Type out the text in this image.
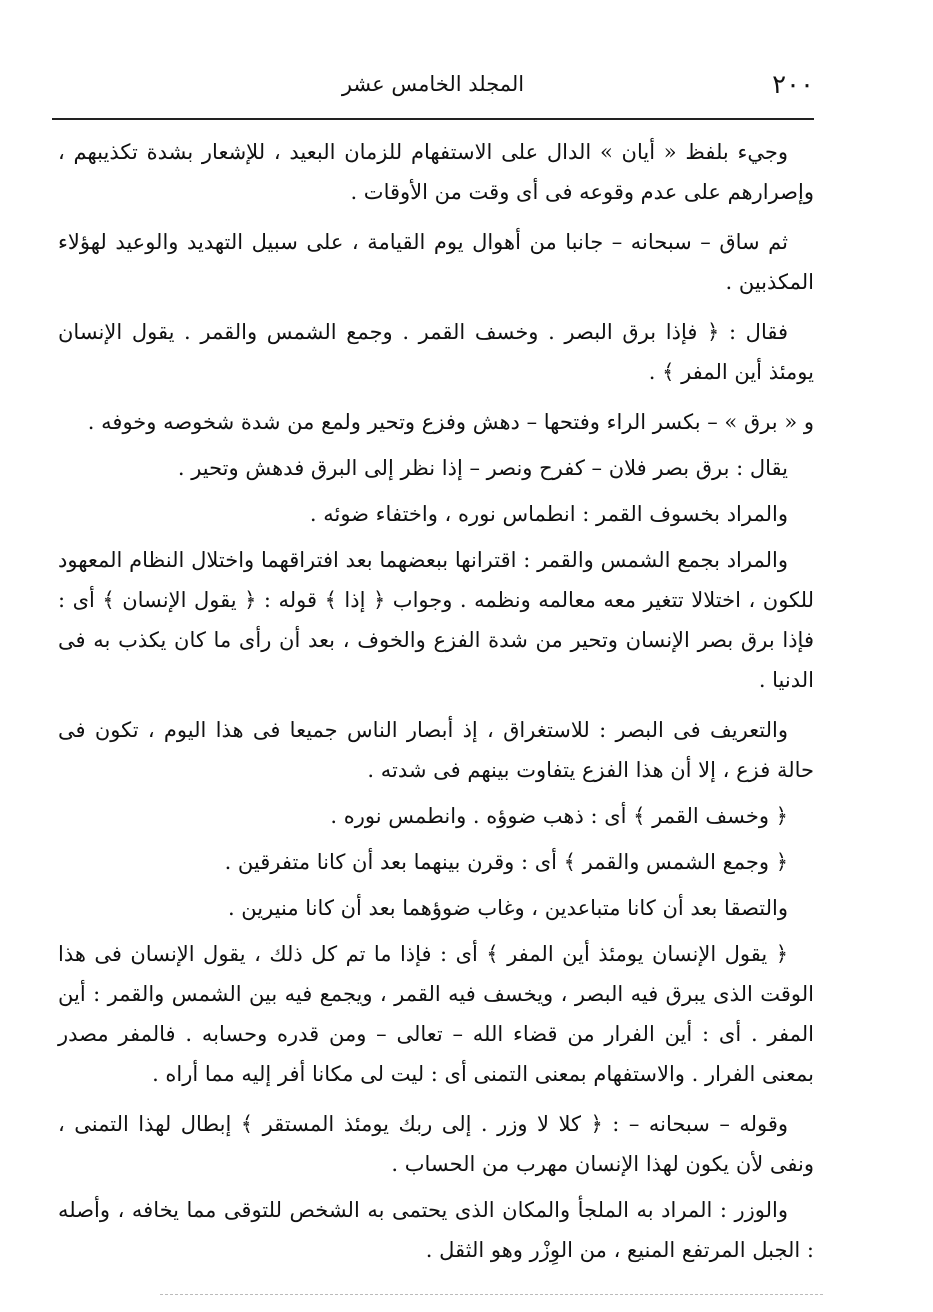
٢٠٠
المجلد الخامس عشر

وجيء بلفظ « أيان » الدال على الاستفهام للزمان البعيد ، للإشعار بشدة تكذيبهم ، وإصرارهم على عدم وقوعه فى أى وقت من الأوقات .

ثم ساق – سبحانه – جانبا من أهوال يوم القيامة ، على سبيل التهديد والوعيد لهؤلاء المكذبين .

فقال : ﴿ فإذا برق البصر . وخسف القمر . وجمع الشمس والقمر . يقول الإنسان يومئذ أين المفر ﴾ .

و « برق » – بكسر الراء وفتحها – دهش وفزع وتحير ولمع من شدة شخوصه وخوفه .

يقال : برق بصر فلان – كفرح ونصر – إذا نظر إلى البرق فدهش وتحير .

والمراد بخسوف القمر : انطماس نوره ، واختفاء ضوئه .

والمراد بجمع الشمس والقمر : اقترانها ببعضهما بعد افتراقهما واختلال النظام المعهود للكون ، اختلالا تتغير معه معالمه ونظمه . وجواب ﴿ إذا ﴾ قوله : ﴿ يقول الإنسان ﴾ أى : فإذا برق بصر الإنسان وتحير من شدة الفزع والخوف ، بعد أن رأى ما كان يكذب به فى الدنيا .

والتعريف فى البصر : للاستغراق ، إذ أبصار الناس جميعا فى هذا اليوم ، تكون فى حالة فزع ، إلا أن هذا الفزع يتفاوت بينهم فى شدته .

﴿ وخسف القمر ﴾ أى : ذهب ضوؤه . وانطمس نوره .

﴿ وجمع الشمس والقمر ﴾ أى : وقرن بينهما بعد أن كانا متفرقين .

والتصقا بعد أن كانا متباعدين ، وغاب ضوؤهما بعد أن كانا منيرين .

﴿ يقول الإنسان يومئذ أين المفر ﴾ أى : فإذا ما تم كل ذلك ، يقول الإنسان فى هذا الوقت الذى يبرق فيه البصر ، ويخسف فيه القمر ، ويجمع فيه بين الشمس والقمر : أين المفر . أى : أين الفرار من قضاء الله – تعالى – ومن قدره وحسابه . فالمفر مصدر بمعنى الفرار . والاستفهام بمعنى التمنى أى : ليت لى مكانا أفر إليه مما أراه .

وقوله – سبحانه – : ﴿ كلا لا وزر . إلى ربك يومئذ المستقر ﴾ إبطال لهذا التمنى ، ونفى لأن يكون لهذا الإنسان مهرب من الحساب .

والوزر : المراد به الملجأ والمكان الذى يحتمى به الشخص للتوقى مما يخافه ، وأصله : الجبل المرتفع المنيع ، من الوِزْر وهو الثقل .
